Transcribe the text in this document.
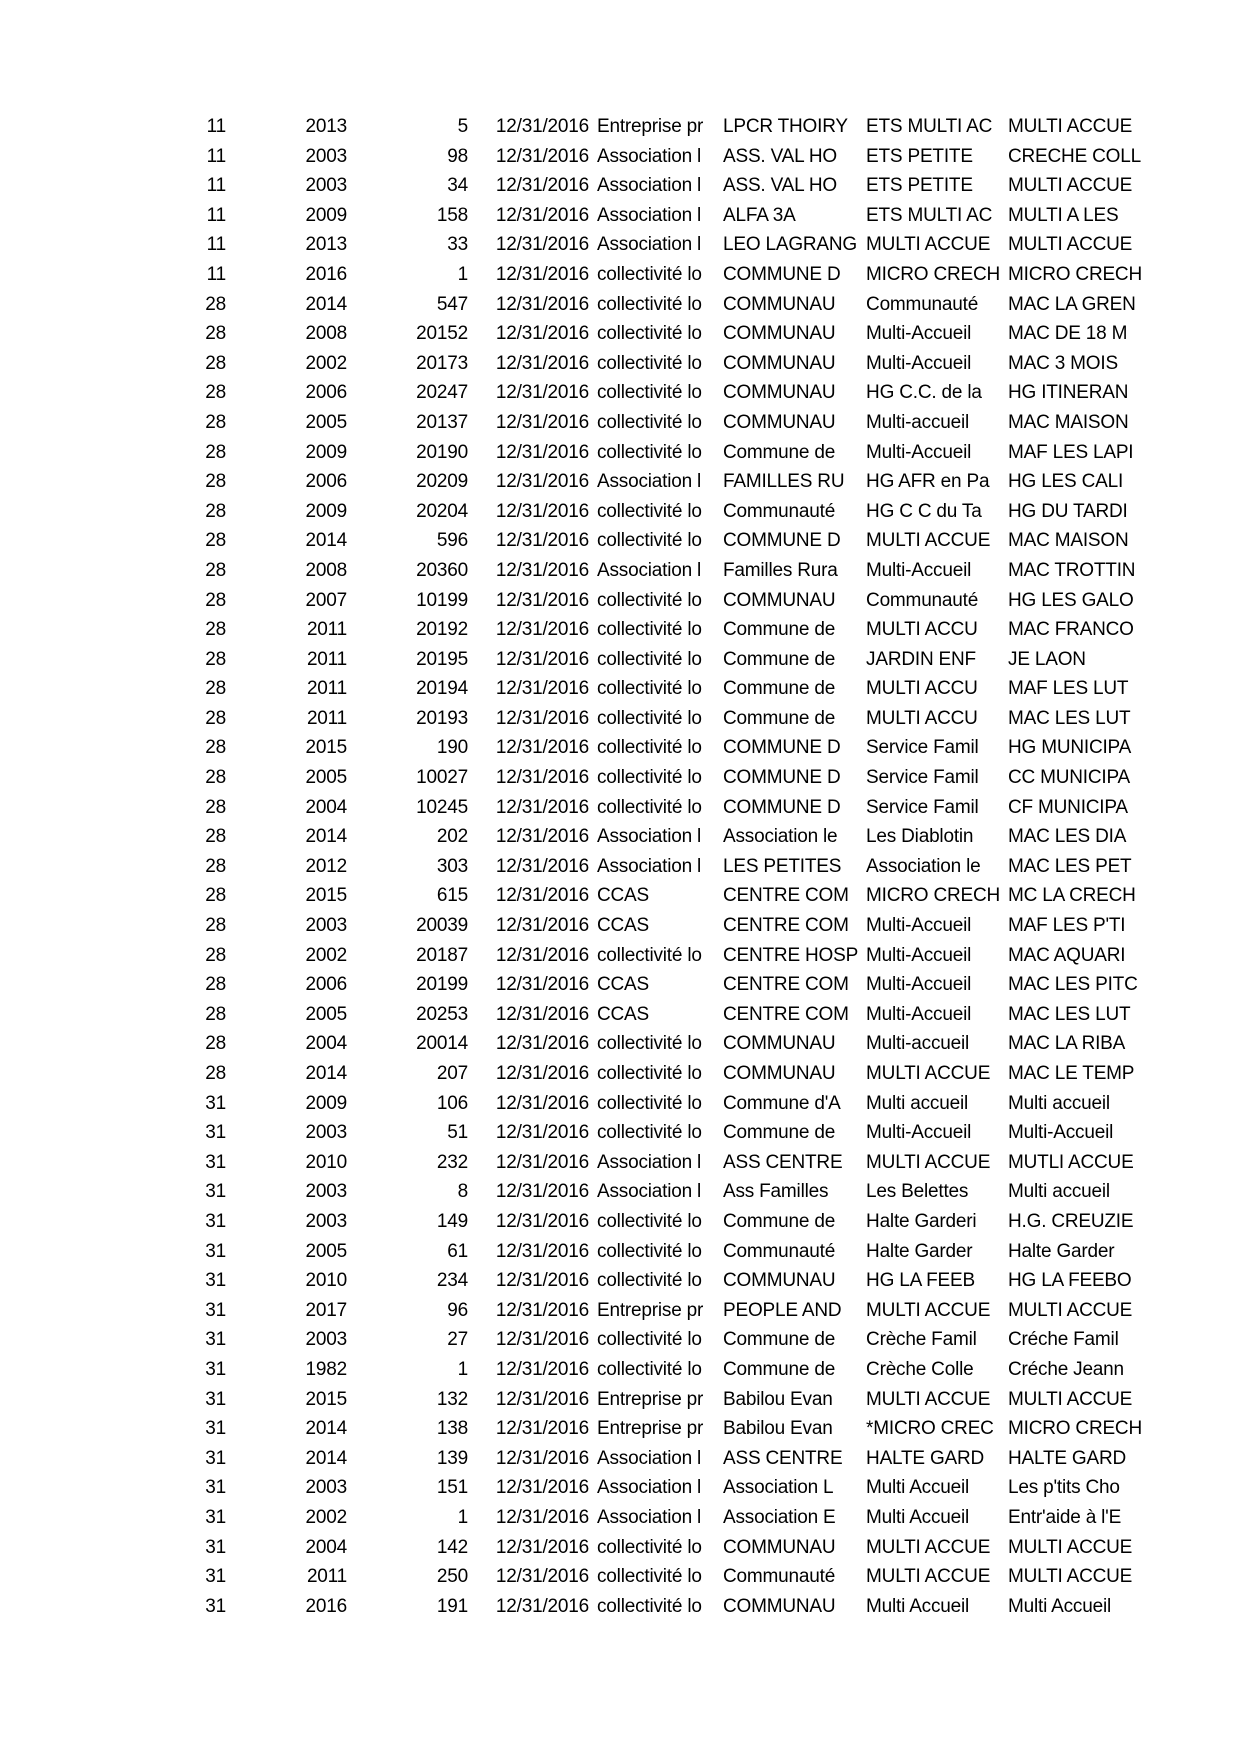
11	2013	5	12/31/2016	Entreprise pr	LPCR THOIRY	ETS MULTI AC	MULTI ACCUE
11	2003	98	12/31/2016	Association l	ASS. VAL HO	ETS PETITE	CRECHE COLL
11	2003	34	12/31/2016	Association l	ASS. VAL HO	ETS PETITE	MULTI ACCUE
11	2009	158	12/31/2016	Association l	ALFA 3A	ETS MULTI AC	MULTI A LES
11	2013	33	12/31/2016	Association l	LEO LAGRANG	MULTI ACCUE	MULTI ACCUE
11	2016	1	12/31/2016	collectivité lo	COMMUNE D	MICRO CRECH	MICRO CRECH
28	2014	547	12/31/2016	collectivité lo	COMMUNAU	Communauté	MAC LA GREN
28	2008	20152	12/31/2016	collectivité lo	COMMUNAU	Multi-Accueil	MAC DE 18 M
28	2002	20173	12/31/2016	collectivité lo	COMMUNAU	Multi-Accueil	MAC 3 MOIS
28	2006	20247	12/31/2016	collectivité lo	COMMUNAU	HG C.C. de la	HG ITINERAN
28	2005	20137	12/31/2016	collectivité lo	COMMUNAU	Multi-accueil	MAC MAISON
28	2009	20190	12/31/2016	collectivité lo	Commune de	Multi-Accueil	MAF LES LAPI
28	2006	20209	12/31/2016	Association l	FAMILLES RU	HG AFR en Pa	HG LES CALI
28	2009	20204	12/31/2016	collectivité lo	Communauté	HG C C du Ta	HG DU TARDI
28	2014	596	12/31/2016	collectivité lo	COMMUNE D	MULTI ACCUE	MAC MAISON
28	2008	20360	12/31/2016	Association l	Familles Rura	Multi-Accueil	MAC TROTTIN
28	2007	10199	12/31/2016	collectivité lo	COMMUNAU	Communauté	HG LES GALO
28	2011	20192	12/31/2016	collectivité lo	Commune de	MULTI ACCU	MAC FRANCO
28	2011	20195	12/31/2016	collectivité lo	Commune de	JARDIN ENF	JE LAON
28	2011	20194	12/31/2016	collectivité lo	Commune de	MULTI ACCU	MAF LES LUT
28	2011	20193	12/31/2016	collectivité lo	Commune de	MULTI ACCU	MAC LES LUT
28	2015	190	12/31/2016	collectivité lo	COMMUNE D	Service Famil	HG MUNICIPA
28	2005	10027	12/31/2016	collectivité lo	COMMUNE D	Service Famil	CC MUNICIPA
28	2004	10245	12/31/2016	collectivité lo	COMMUNE D	Service Famil	CF MUNICIPA
28	2014	202	12/31/2016	Association l	Association le	Les Diablotin	MAC LES DIA
28	2012	303	12/31/2016	Association l	LES PETITES	Association le	MAC LES PET
28	2015	615	12/31/2016	CCAS	CENTRE COM	MICRO CRECH	MC LA CRECH
28	2003	20039	12/31/2016	CCAS	CENTRE COM	Multi-Accueil	MAF LES P'TI
28	2002	20187	12/31/2016	collectivité lo	CENTRE HOSP	Multi-Accueil	MAC AQUARI
28	2006	20199	12/31/2016	CCAS	CENTRE COM	Multi-Accueil	MAC LES PITC
28	2005	20253	12/31/2016	CCAS	CENTRE COM	Multi-Accueil	MAC LES LUT
28	2004	20014	12/31/2016	collectivité lo	COMMUNAU	Multi-accueil	MAC LA RIBA
28	2014	207	12/31/2016	collectivité lo	COMMUNAU	MULTI ACCUE	MAC LE TEMP
31	2009	106	12/31/2016	collectivité lo	Commune d'A	Multi accueil	Multi accueil
31	2003	51	12/31/2016	collectivité lo	Commune de	Multi-Accueil	Multi-Accueil
31	2010	232	12/31/2016	Association l	ASS CENTRE	MULTI ACCUE	MUTLI ACCUE
31	2003	8	12/31/2016	Association l	Ass Familles	Les Belettes	Multi accueil
31	2003	149	12/31/2016	collectivité lo	Commune de	Halte Garderi	H.G. CREUZIE
31	2005	61	12/31/2016	collectivité lo	Communauté	Halte Garder	Halte Garder
31	2010	234	12/31/2016	collectivité lo	COMMUNAU	HG LA FEEB	HG LA FEEBO
31	2017	96	12/31/2016	Entreprise pr	PEOPLE AND	MULTI ACCUE	MULTI ACCUE
31	2003	27	12/31/2016	collectivité lo	Commune de	Crèche Famil	Créche Famil
31	1982	1	12/31/2016	collectivité lo	Commune de	Crèche Colle	Créche Jeann
31	2015	132	12/31/2016	Entreprise pr	Babilou Evan	MULTI ACCUE	MULTI ACCUE
31	2014	138	12/31/2016	Entreprise pr	Babilou Evan	*MICRO CREC	MICRO CRECH
31	2014	139	12/31/2016	Association l	ASS CENTRE	HALTE GARD	HALTE GARD
31	2003	151	12/31/2016	Association l	Association L	Multi Accueil	Les p'tits Cho
31	2002	1	12/31/2016	Association l	Association E	Multi Accueil	Entr'aide à l'E
31	2004	142	12/31/2016	collectivité lo	COMMUNAU	MULTI ACCUE	MULTI ACCUE
31	2011	250	12/31/2016	collectivité lo	Communauté	MULTI ACCUE	MULTI ACCUE
31	2016	191	12/31/2016	collectivité lo	COMMUNAU	Multi Accueil	Multi Accueil
